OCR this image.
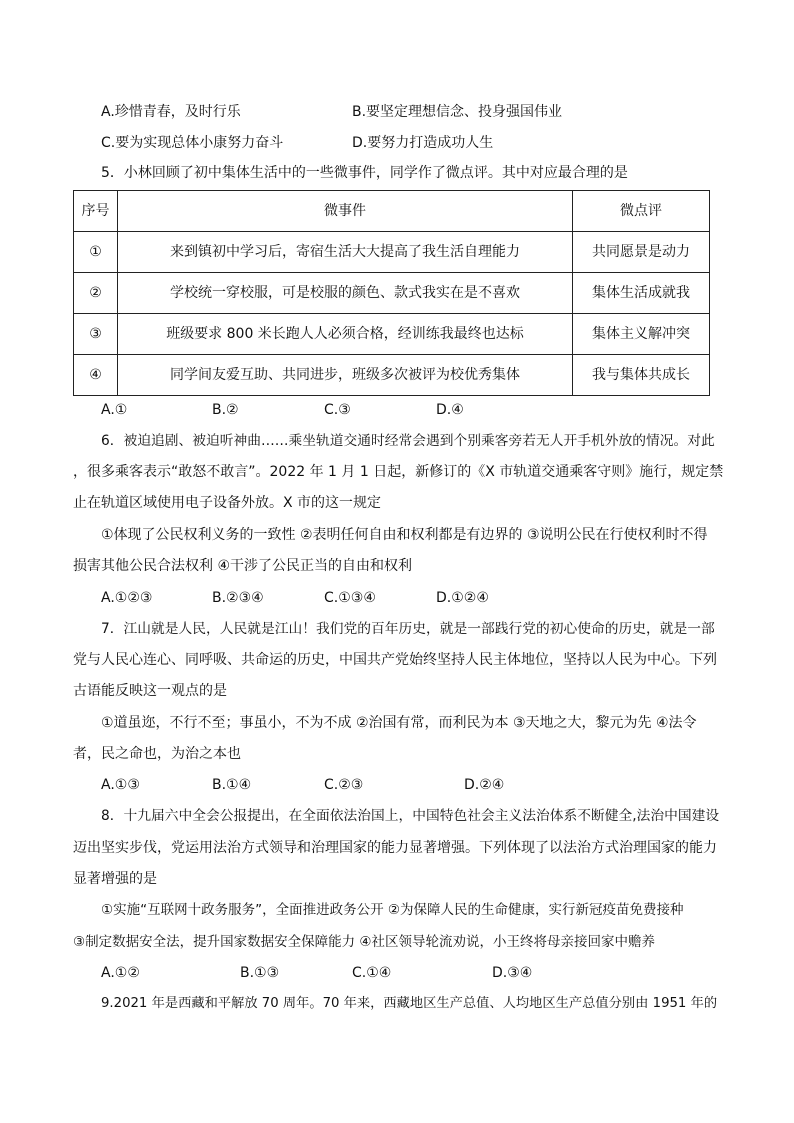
A.珍惜青春，及时行乐	B.要坚定理想信念、投身强国伟业
C.要为实现总体小康努力奋斗	D.要努力打造成功人生
5．小林回顾了初中集体生活中的一些微事件，同学作了微点评。其中对应最合理的是
序号	微事件	微点评
①	来到镇初中学习后，寄宿生活大大提高了我生活自理能力	共同愿景是动力
②	学校统一穿校服，可是校服的颜色、款式我实在是不喜欢	集体生活成就我
③	班级要求 800 米长跑人人必须合格，经训练我最终也达标	集体主义解冲突
④	同学间友爱互助、共同进步，班级多次被评为校优秀集体	我与集体共成长
A.①	B.②	C.③	D.④
6．被迫追剧、被迫听神曲……乘坐轨道交通时经常会遇到个别乘客旁若无人开手机外放的情况。对此
，很多乘客表示“敢怒不敢言”。2022 年 1 月 1 日起，新修订的《X 市轨道交通乘客守则》施行，规定禁
止在轨道区域使用电子设备外放。X 市的这一规定
①体现了公民权利义务的一致性 ②表明任何自由和权利都是有边界的 ③说明公民在行使权利时不得
损害其他公民合法权利 ④干涉了公民正当的自由和权利
A.①②③	B.②③④	C.①③④	D.①②④
7．江山就是人民，人民就是江山！我们党的百年历史，就是一部践行党的初心使命的历史，就是一部
党与人民心连心、同呼吸、共命运的历史，中国共产党始终坚持人民主体地位，坚持以人民为中心。下列
古语能反映这一观点的是
①道虽迩，不行不至；事虽小，不为不成 ②治国有常，而利民为本 ③天地之大，黎元为先 ④法令
者，民之命也，为治之本也
A.①③	B.①④	C.②③	D.②④
8．十九届六中全会公报提出，在全面依法治国上，中国特色社会主义法治体系不断健全,法治中国建设
迈出坚实步伐，党运用法治方式领导和治理国家的能力显著增强。下列体现了以法治方式治理国家的能力
显著增强的是
①实施“互联网十政务服务”，全面推进政务公开 ②为保障人民的生命健康，实行新冠疫苗免费接种
③制定数据安全法，提升国家数据安全保障能力 ④社区领导轮流劝说，小王终将母亲接回家中赡养
A.①②	B.①③	C.①④	D.③④
9.2021 年是西藏和平解放 70 周年。70 年来，西藏地区生产总值、人均地区生产总值分别由 1951 年的
